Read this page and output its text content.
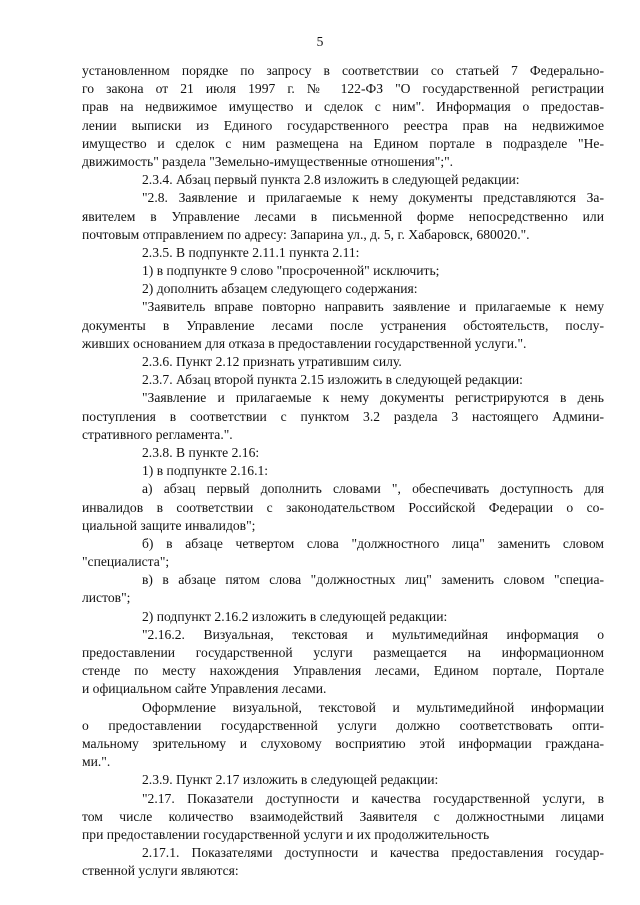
5
установленном порядке по запросу в соответствии со статьей 7 Федерально-
го закона от 21 июля 1997 г. № 122-ФЗ "О государственной регистрации
прав на недвижимое имущество и сделок с ним". Информация о предостав-
лении выписки из Единого государственного реестра прав на недвижимое
имущество и сделок с ним размещена на Едином портале в подразделе "Не-
движимость" раздела "Земельно-имущественные отношения";".
2.3.4. Абзац первый пункта 2.8 изложить в следующей редакции:
"2.8. Заявление и прилагаемые к нему документы представляются За-
явителем в Управление лесами в письменной форме непосредственно или
почтовым отправлением по адресу: Запарина ул., д. 5, г. Хабаровск, 680020.".
2.3.5. В подпункте 2.11.1 пункта 2.11:
1) в подпункте 9 слово "просроченной" исключить;
2) дополнить абзацем следующего содержания:
"Заявитель вправе повторно направить заявление и прилагаемые к нему
документы в Управление лесами после устранения обстоятельств, послу-
живших основанием для отказа в предоставлении государственной услуги.".
2.3.6. Пункт 2.12 признать утратившим силу.
2.3.7. Абзац второй пункта 2.15 изложить в следующей редакции:
"Заявление и прилагаемые к нему документы регистрируются в день
поступления в соответствии с пунктом 3.2 раздела 3 настоящего Админи-
стративного регламента.".
2.3.8. В пункте 2.16:
1) в подпункте 2.16.1:
а) абзац первый дополнить словами ", обеспечивать доступность для
инвалидов в соответствии с законодательством Российской Федерации о со-
циальной защите инвалидов";
б) в абзаце четвертом слова "должностного лица" заменить словом
"специалиста";
в) в абзаце пятом слова "должностных лиц" заменить словом "специа-
листов";
2) подпункт 2.16.2 изложить в следующей редакции:
"2.16.2. Визуальная, текстовая и мультимедийная информация о
предоставлении государственной услуги размещается на информационном
стенде по месту нахождения Управления лесами, Едином портале, Портале
и официальном сайте Управления лесами.
Оформление визуальной, текстовой и мультимедийной информации
о предоставлении государственной услуги должно соответствовать опти-
мальному зрительному и слуховому восприятию этой информации граждана-
ми.".
2.3.9. Пункт 2.17 изложить в следующей редакции:
"2.17. Показатели доступности и качества государственной услуги, в
том числе количество взаимодействий Заявителя с должностными лицами
при предоставлении государственной услуги и их продолжительность
2.17.1. Показателями доступности и качества предоставления государ-
ственной услуги являются:
